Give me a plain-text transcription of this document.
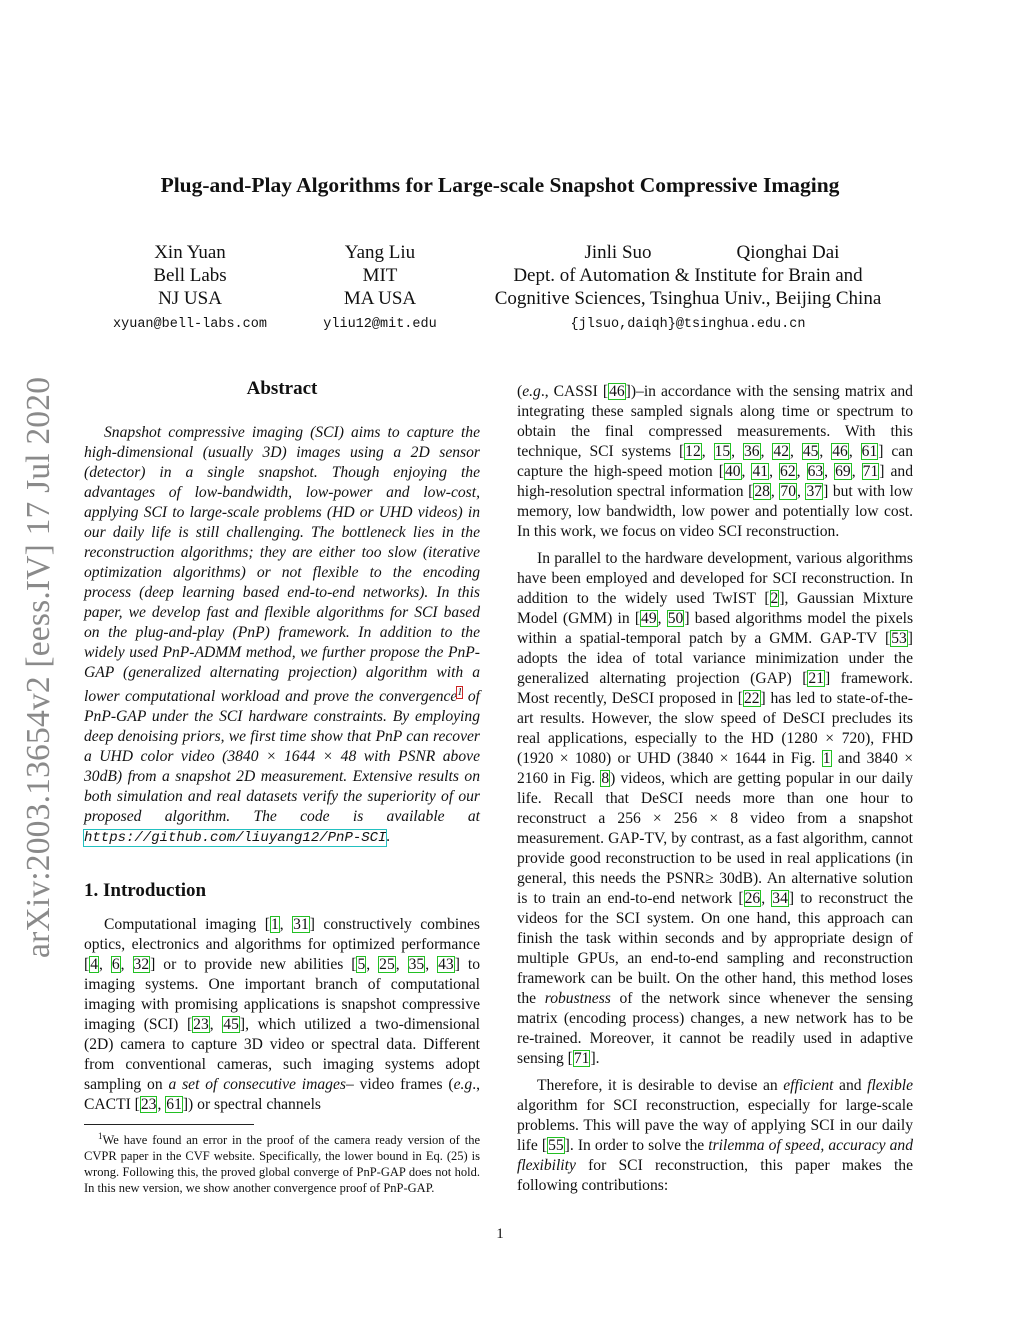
Plug-and-Play Algorithms for Large-scale Snapshot Compressive Imaging
Xin Yuan
Bell Labs
NJ USA
xyuan@bell-labs.com
Yang Liu
MIT
MA USA
yliu12@mit.edu
Jinli Suo	Qionghai Dai
Dept. of Automation & Institute for Brain and
Cognitive Sciences, Tsinghua Univ., Beijing China
{jlsuo,daiqh}@tsinghua.edu.cn
arXiv:2003.13654v2 [eess.IV] 17 Jul 2020	Abstract

Snapshot compressive imaging (SCI) aims to capture the high-dimensional (usually 3D) images using a 2D sensor (detector) in a single snapshot. Though enjoying the advantages of low-bandwidth, low-power and low-cost, applying SCI to large-scale problems (HD or UHD videos) in our daily life is still challenging. The bottleneck lies in the reconstruction algorithms; they are either too slow (iterative optimization algorithms) or not flexible to the encoding process (deep learning based end-to-end networks). In this paper, we develop fast and flexible algorithms for SCI based on the plug-and-play (PnP) framework. In addition to the widely used PnP-ADMM method, we further propose the PnP-GAP (generalized alternating projection) algorithm with a lower computational workload and prove the convergence$^1$ of PnP-GAP under the SCI hardware constraints. By employing deep denoising priors, we first time show that PnP can recover a UHD color video (3840 × 1644 × 48 with PSNR above 30dB) from a snapshot 2D measurement. Extensive results on both simulation and real datasets verify the superiority of our proposed algorithm. The code is available at https://github.com/liuyang12/PnP-SCI.

1. Introduction

Computational imaging [1, 31] constructively combines optics, electronics and algorithms for optimized performance [4, 6, 32] or to provide new abilities [5, 25, 35, 43] to imaging systems. One important branch of computational imaging with promising applications is snapshot compressive imaging (SCI) [23, 45], which utilized a two-dimensional (2D) camera to capture 3D video or spectral data. Different from conventional cameras, such imaging systems adopt sampling on a set of consecutive images– video frames (e.g., CACTI [23, 61]) or spectral channels

$^1$We have found an error in the proof of the camera ready version of the CVPR paper in the CVF website. Specifically, the lower bound in Eq. (25) is wrong. Following this, the proved global converge of PnP-GAP does not hold. In this new version, we show another convergence proof of PnP-GAP.

(e.g., CASSI [46])–in accordance with the sensing matrix and integrating these sampled signals along time or spectrum to obtain the final compressed measurements. With this technique, SCI systems [12, 15, 36, 42, 45, 46, 61] can capture the high-speed motion [40, 41, 62, 63, 69, 71] and high-resolution spectral information [28, 70, 37] but with low memory, low bandwidth, low power and potentially low cost. In this work, we focus on video SCI reconstruction.

In parallel to the hardware development, various algorithms have been employed and developed for SCI reconstruction. In addition to the widely used TwIST [2], Gaussian Mixture Model (GMM) in [49, 50] based algorithms model the pixels within a spatial-temporal patch by a GMM. GAP-TV [53] adopts the idea of total variance minimization under the generalized alternating projection (GAP) [21] framework. Most recently, DeSCI proposed in [22] has led to state-of-the-art results. However, the slow speed of DeSCI precludes its real applications, especially to the HD (1280 × 720), FHD (1920 × 1080) or UHD (3840 × 1644 in Fig. 1 and 3840 × 2160 in Fig. 8) videos, which are getting popular in our daily life. Recall that DeSCI needs more than one hour to reconstruct a 256 × 256 × 8 video from a snapshot measurement. GAP-TV, by contrast, as a fast algorithm, cannot provide good reconstruction to be used in real applications (in general, this needs the PSNR≥ 30dB). An alternative solution is to train an end-to-end network [26, 34] to reconstruct the videos for the SCI system. On one hand, this approach can finish the task within seconds and by appropriate design of multiple GPUs, an end-to-end sampling and reconstruction framework can be built. On the other hand, this method loses the robustness of the network since whenever the sensing matrix (encoding process) changes, a new network has to be re-trained. Moreover, it cannot be readily used in adaptive sensing [71].

Therefore, it is desirable to devise an efficient and flexible algorithm for SCI reconstruction, especially for large-scale problems. This will pave the way of applying SCI in our daily life [55]. In order to solve the trilemma of speed, accuracy and flexibility for SCI reconstruction, this paper makes the following contributions:

1
